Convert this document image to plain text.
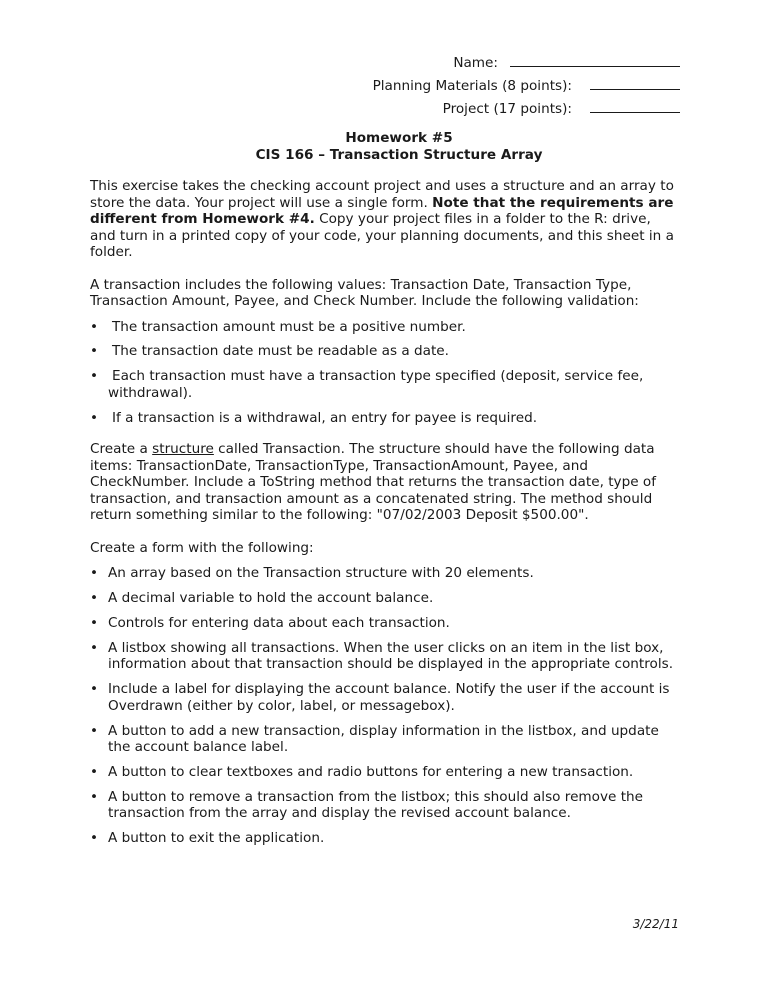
Name:
Planning Materials (8 points):
Project (17 points):
Homework #5
CIS 166 – Transaction Structure Array

This exercise takes the checking account project and uses a structure and an array to store the data. Your project will use a single form. Note that the requirements are different from Homework #4. Copy your project files in a folder to the R: drive, and turn in a printed copy of your code, your planning documents, and this sheet in a folder.

A transaction includes the following values: Transaction Date, Transaction Type, Transaction Amount, Payee, and Check Number. Include the following validation:

• The transaction amount must be a positive number.
• The transaction date must be readable as a date.
• Each transaction must have a transaction type specified (deposit, service fee, withdrawal).
• If a transaction is a withdrawal, an entry for payee is required.

Create a structure called Transaction. The structure should have the following data items: TransactionDate, TransactionType, TransactionAmount, Payee, and CheckNumber. Include a ToString method that returns the transaction date, type of transaction, and transaction amount as a concatenated string. The method should return something similar to the following: "07/02/2003 Deposit $500.00".

Create a form with the following:

• An array based on the Transaction structure with 20 elements.
• A decimal variable to hold the account balance.
• Controls for entering data about each transaction.
• A listbox showing all transactions. When the user clicks on an item in the list box, information about that transaction should be displayed in the appropriate controls.
• Include a label for displaying the account balance. Notify the user if the account is Overdrawn (either by color, label, or messagebox).
• A button to add a new transaction, display information in the listbox, and update the account balance label.
• A button to clear textboxes and radio buttons for entering a new transaction.
• A button to remove a transaction from the listbox; this should also remove the transaction from the array and display the revised account balance.
• A button to exit the application.
3/22/11
